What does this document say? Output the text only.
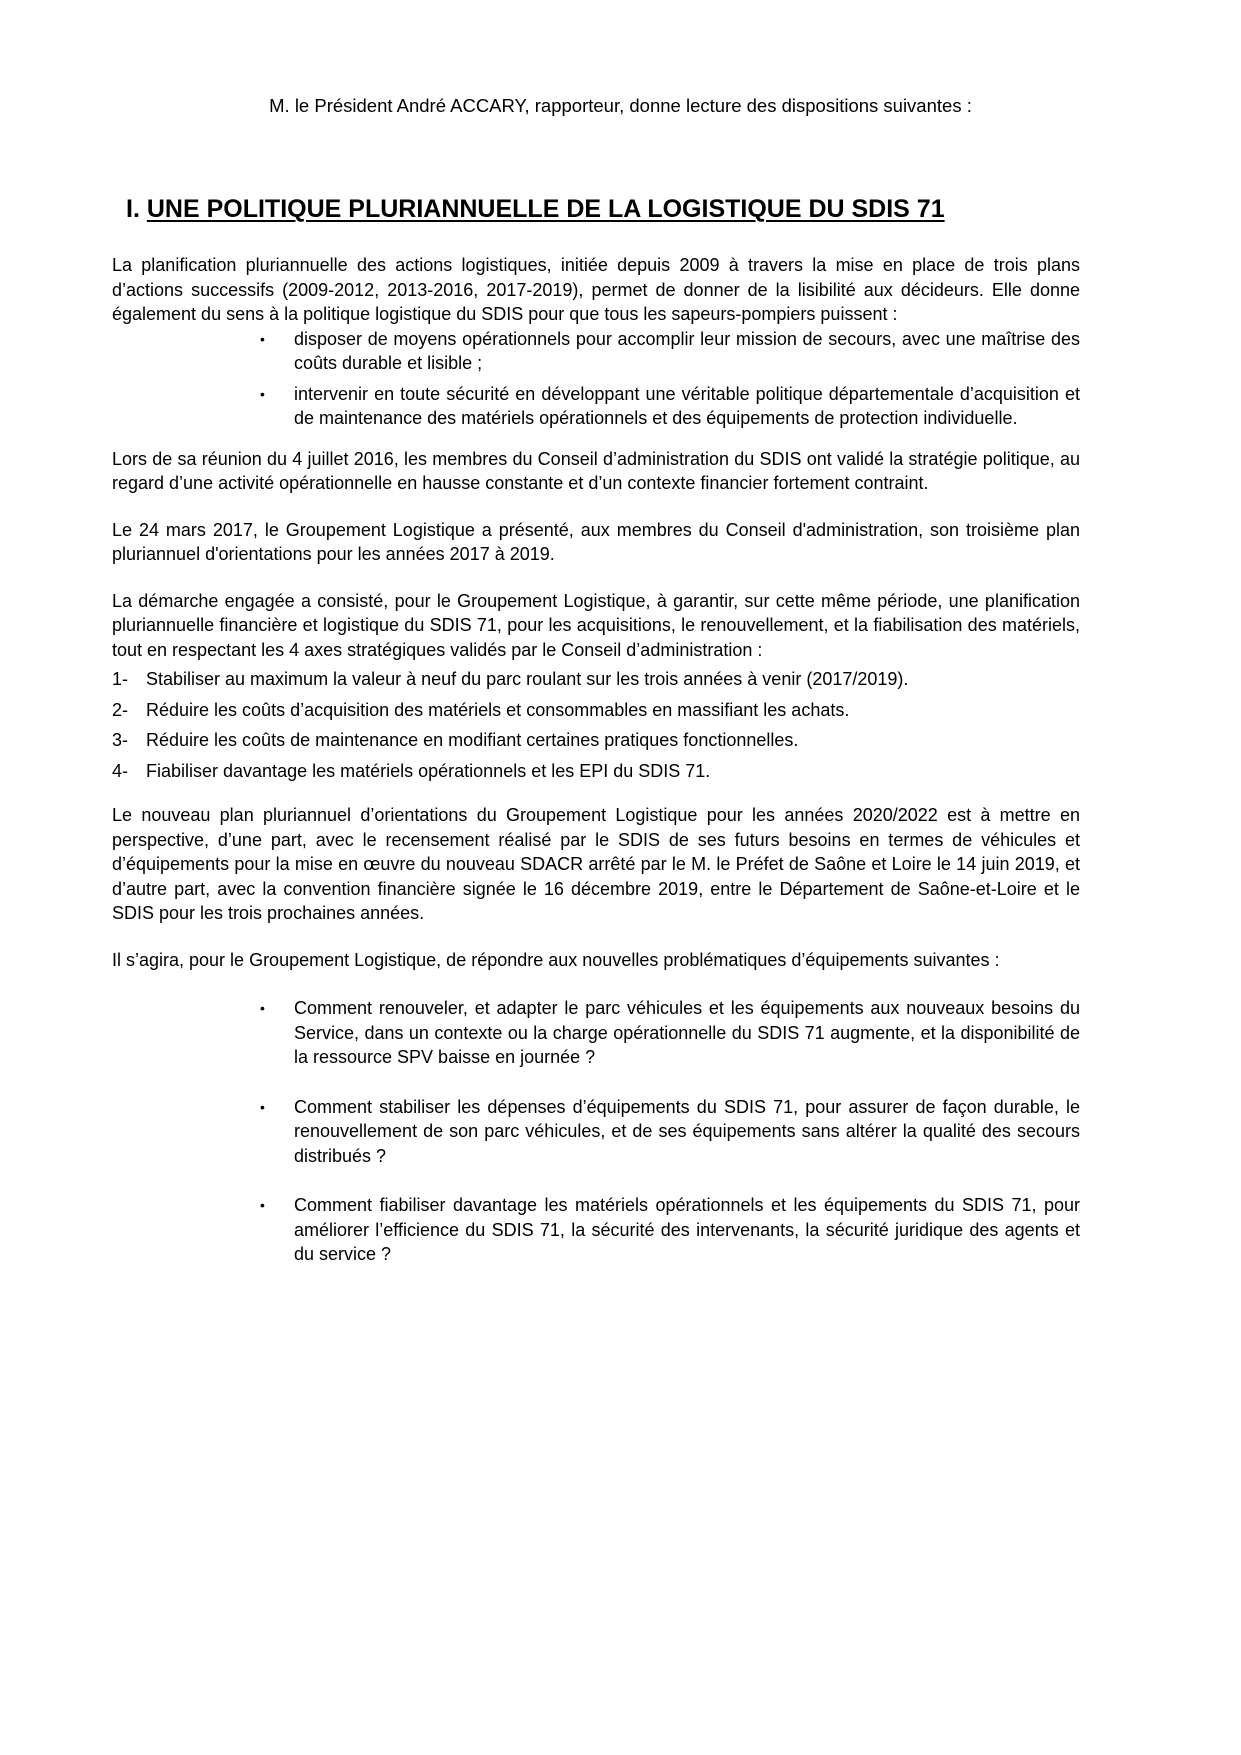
M. le Président André ACCARY, rapporteur, donne lecture des dispositions suivantes :

I. UNE POLITIQUE PLURIANNUELLE DE LA LOGISTIQUE DU SDIS 71

La planification pluriannuelle des actions logistiques, initiée depuis 2009 à travers la mise en place de trois plans d’actions successifs (2009-2012, 2013-2016, 2017-2019), permet de donner de la lisibilité aux décideurs. Elle donne également du sens à la politique logistique du SDIS pour que tous les sapeurs-pompiers puissent :

• disposer de moyens opérationnels pour accomplir leur mission de secours, avec une maîtrise des coûts durable et lisible ;
• intervenir en toute sécurité en développant une véritable politique départementale d’acquisition et de maintenance des matériels opérationnels et des équipements de protection individuelle.

Lors de sa réunion du 4 juillet 2016, les membres du Conseil d’administration du SDIS ont validé la stratégie politique, au regard d’une activité opérationnelle en hausse constante et d’un contexte financier fortement contraint.

Le 24 mars 2017, le Groupement Logistique a présenté, aux membres du Conseil d'administration, son troisième plan pluriannuel d'orientations pour les années 2017 à 2019.

La démarche engagée a consisté, pour le Groupement Logistique, à garantir, sur cette même période, une planification pluriannuelle financière et logistique du SDIS 71, pour les acquisitions, le renouvellement, et la fiabilisation des matériels, tout en respectant les 4 axes stratégiques validés par le Conseil d’administration :

1- Stabiliser au maximum la valeur à neuf du parc roulant sur les trois années à venir (2017/2019).
2- Réduire les coûts d’acquisition des matériels et consommables en massifiant les achats.
3- Réduire les coûts de maintenance en modifiant certaines pratiques fonctionnelles.
4- Fiabiliser davantage les matériels opérationnels et les EPI du SDIS 71.

Le nouveau plan pluriannuel d’orientations du Groupement Logistique pour les années 2020/2022 est à mettre en perspective, d’une part, avec le recensement réalisé par le SDIS de ses futurs besoins en termes de véhicules et d’équipements pour la mise en œuvre du nouveau SDACR arrêté par le M. le Préfet de Saône et Loire le 14 juin 2019, et d’autre part, avec la convention financière signée le 16 décembre 2019, entre le Département de Saône-et-Loire et le SDIS pour les trois prochaines années.

Il s’agira, pour le Groupement Logistique, de répondre aux nouvelles problématiques d’équipements suivantes :

• Comment renouveler, et adapter le parc véhicules et les équipements aux nouveaux besoins du Service, dans un contexte ou la charge opérationnelle du SDIS 71 augmente, et la disponibilité de la ressource SPV baisse en journée ?
• Comment stabiliser les dépenses d’équipements du SDIS 71, pour assurer de façon durable, le renouvellement de son parc véhicules, et de ses équipements sans altérer la qualité des secours distribués ?
• Comment fiabiliser davantage les matériels opérationnels et les équipements du SDIS 71, pour améliorer l’efficience du SDIS 71, la sécurité des intervenants, la sécurité juridique des agents et du service ?
